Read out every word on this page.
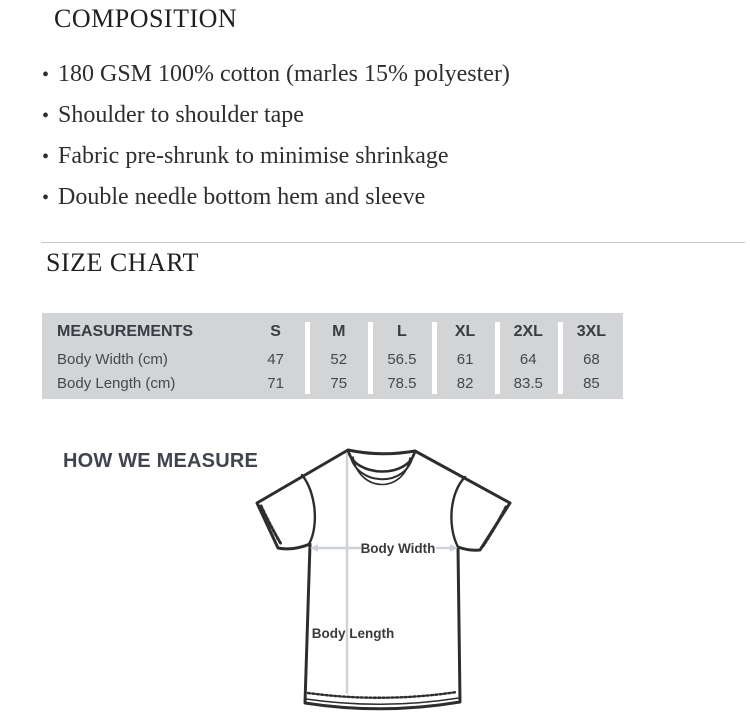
COMPOSITION
• 180 GSM 100% cotton (marles 15% polyester)
• Shoulder to shoulder tape
• Fabric pre-shrunk to minimise shrinkage
• Double needle bottom hem and sleeve
SIZE CHART
MEASUREMENTS	S	M	L	XL	2XL	3XL
Body Width (cm)	47	52	56.5	61	64	68
Body Length (cm)	71	75	78.5	82	83.5	85
HOW WE MEASURE
Body Width
Body Length
